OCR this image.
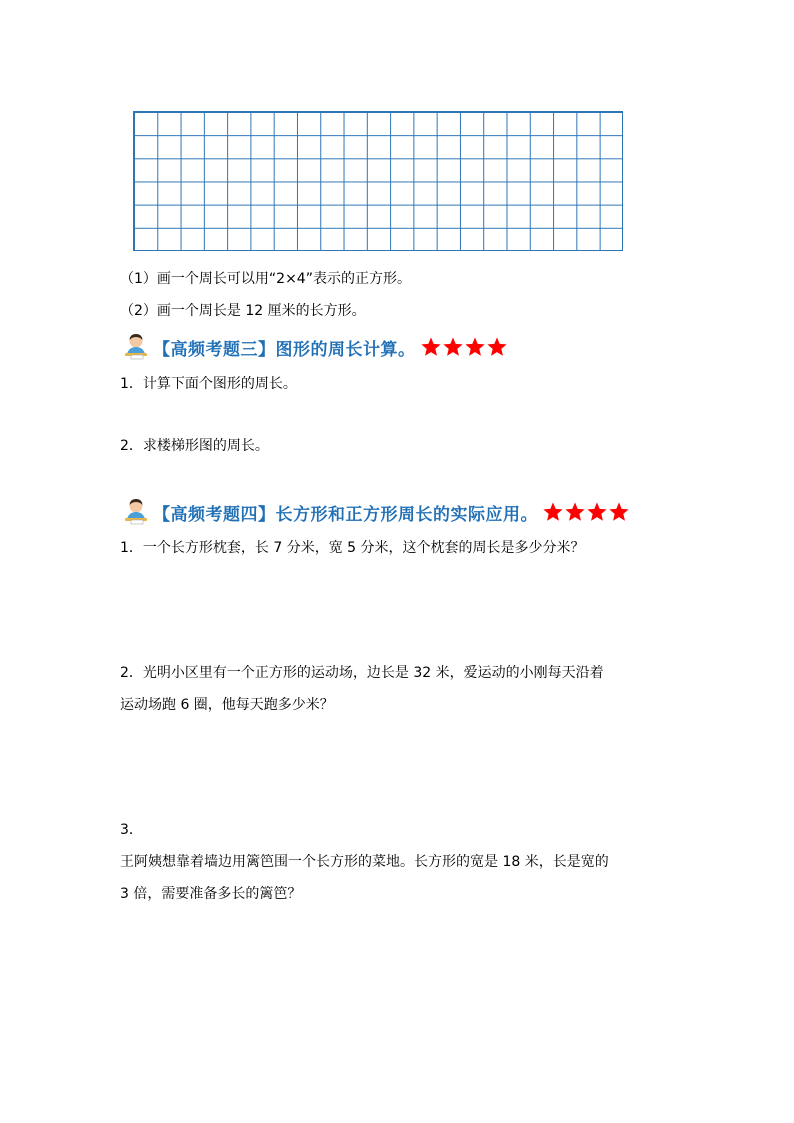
（1）画一个周长可以用“2×4”表示的正方形。
（2）画一个周长是 12 厘米的长方形。
【高频考题三】图形的周长计算。
1．计算下面个图形的周长。
2．求楼梯形图的周长。
【高频考题四】长方形和正方形周长的实际应用。
1．一个长方形枕套，长 7 分米，宽 5 分米，这个枕套的周长是多少分米？
2．光明小区里有一个正方形的运动场，边长是 32 米，爱运动的小刚每天沿着
运动场跑 6 圈，他每天跑多少米？
3．
王阿姨想靠着墙边用篱笆围一个长方形的菜地。长方形的宽是 18 米，长是宽的
3 倍，需要准备多长的篱笆？
